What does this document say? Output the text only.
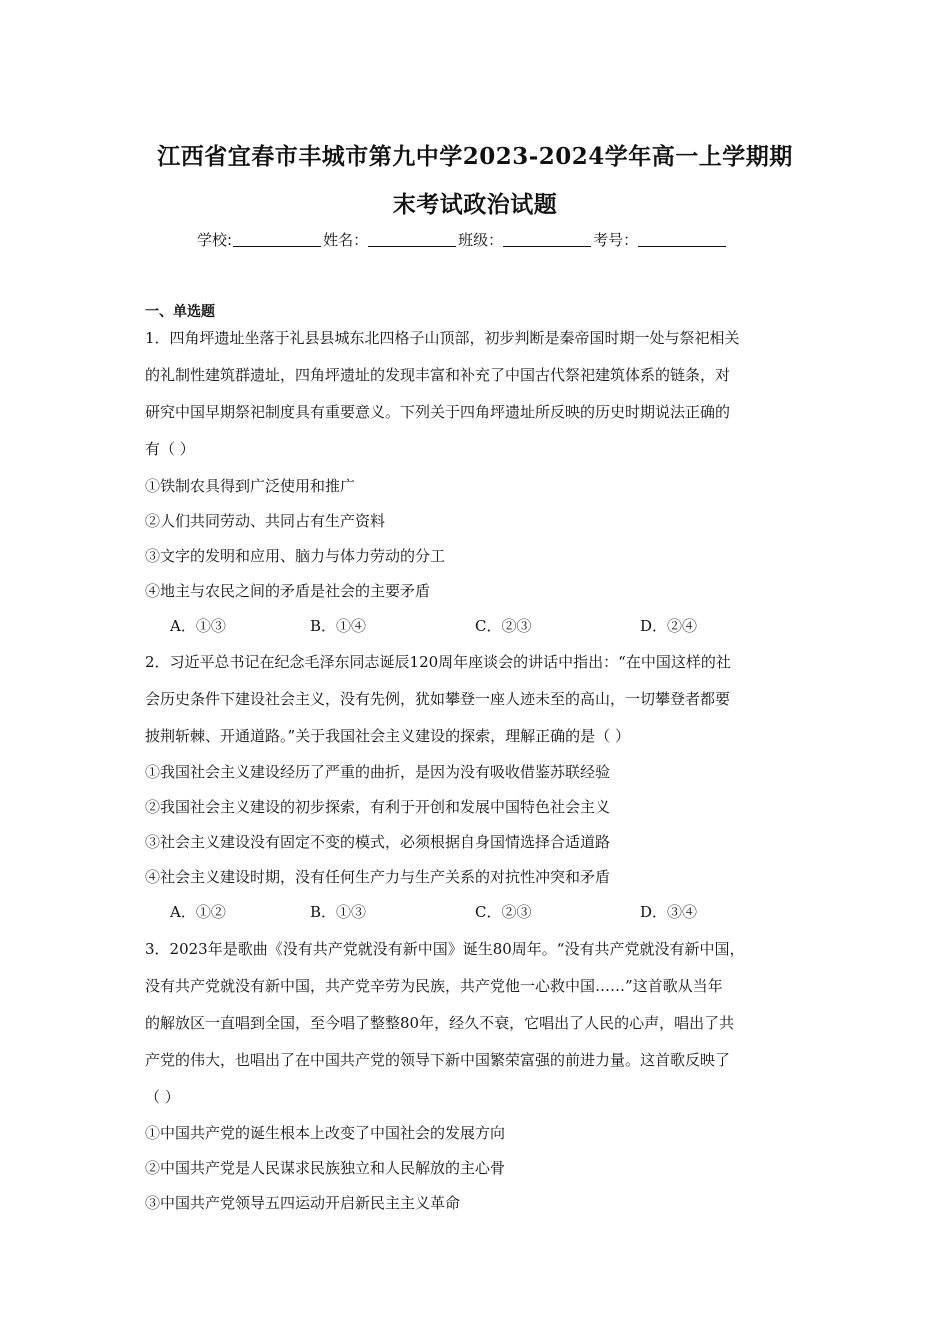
江西省宜春市丰城市第九中学2023-2024学年高一上学期期
末考试政治试题
学校:	姓名：	班级：	考号：
一、单选题
1．四角坪遗址坐落于礼县县城东北四格子山顶部，初步判断是秦帝国时期一处与祭祀相关
的礼制性建筑群遗址，四角坪遗址的发现丰富和补充了中国古代祭祀建筑体系的链条，对
研究中国早期祭祀制度具有重要意义。下列关于四角坪遗址所反映的历史时期说法正确的
有（ ）
①铁制农具得到广泛使用和推广
②人们共同劳动、共同占有生产资料
③文字的发明和应用、脑力与体力劳动的分工
④地主与农民之间的矛盾是社会的主要矛盾
A．①③	B．①④	C．②③	D．②④
2．习近平总书记在纪念毛泽东同志诞辰120周年座谈会的讲话中指出：“在中国这样的社
会历史条件下建设社会主义，没有先例，犹如攀登一座人迹未至的高山，一切攀登者都要
披荆斩棘、开通道路。”关于我国社会主义建设的探索，理解正确的是（ ）
①我国社会主义建设经历了严重的曲折，是因为没有吸收借鉴苏联经验
②我国社会主义建设的初步探索，有利于开创和发展中国特色社会主义
③社会主义建设没有固定不变的模式，必须根据自身国情选择合适道路
④社会主义建设时期，没有任何生产力与生产关系的对抗性冲突和矛盾
A．①②	B．①③	C．②③	D．③④
3．2023年是歌曲《没有共产党就没有新中国》诞生80周年。“没有共产党就没有新中国，
没有共产党就没有新中国，共产党辛劳为民族，共产党他一心救中国……”这首歌从当年
的解放区一直唱到全国，至今唱了整整80年，经久不衰，它唱出了人民的心声，唱出了共
产党的伟大，也唱出了在中国共产党的领导下新中国繁荣富强的前进力量。这首歌反映了
（ ）
①中国共产党的诞生根本上改变了中国社会的发展方向
②中国共产党是人民谋求民族独立和人民解放的主心骨
③中国共产党领导五四运动开启新民主主义革命
